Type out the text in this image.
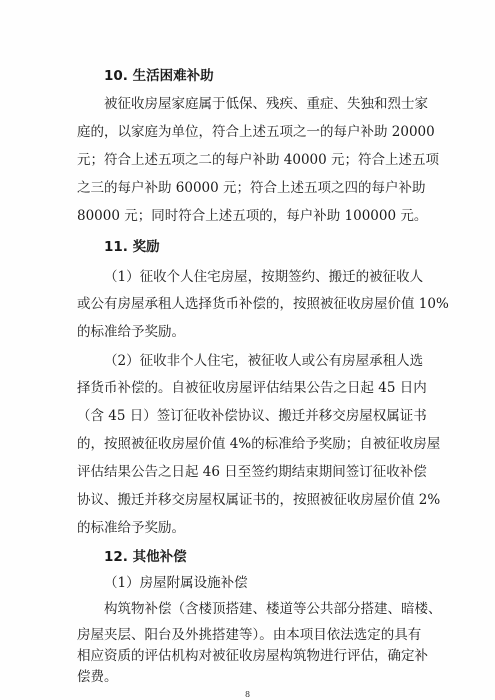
10. 生活困难补助
被征收房屋家庭属于低保、残疾、重症、失独和烈士家
庭的，以家庭为单位，符合上述五项之一的每户补助 20000
元；符合上述五项之二的每户补助 40000 元；符合上述五项
之三的每户补助 60000 元；符合上述五项之四的每户补助
80000 元；同时符合上述五项的，每户补助 100000 元。
11. 奖励
（1）征收个人住宅房屋，按期签约、搬迁的被征收人
或公有房屋承租人选择货币补偿的，按照被征收房屋价值 10%
的标准给予奖励。
（2）征收非个人住宅，被征收人或公有房屋承租人选
择货币补偿的。自被征收房屋评估结果公告之日起 45 日内
（含 45 日）签订征收补偿协议、搬迁并移交房屋权属证书
的，按照被征收房屋价值 4%的标准给予奖励；自被征收房屋
评估结果公告之日起 46 日至签约期结束期间签订征收补偿
协议、搬迁并移交房屋权属证书的，按照被征收房屋价值 2%
的标准给予奖励。
12. 其他补偿
（1）房屋附属设施补偿
构筑物补偿（含楼顶搭建、楼道等公共部分搭建、暗楼、
8
房屋夹层、阳台及外挑搭建等）。由本项目依法选定的具有
相应资质的评估机构对被征收房屋构筑物进行评估，确定补
偿费。
